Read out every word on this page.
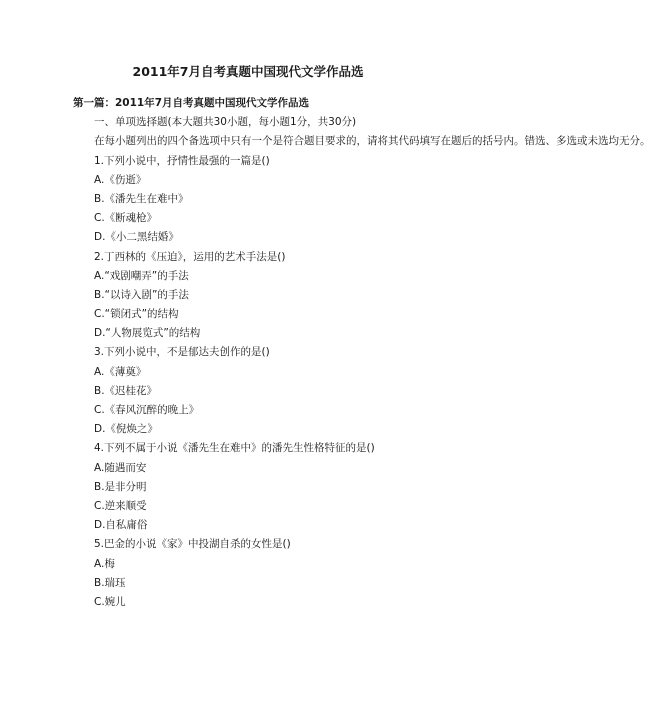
2011年7月自考真题中国现代文学作品选
第一篇：2011年7月自考真题中国现代文学作品选
一、单项选择题(本大题共30小题，每小题1分，共30分)
在每小题列出的四个备选项中只有一个是符合题目要求的，请将其代码填写在题后的括号内。错选、多选或未选均无分。
1.下列小说中，抒情性最强的一篇是()
A.《伤逝》
B.《潘先生在难中》
C.《断魂枪》
D.《小二黑结婚》
2.丁西林的《压迫》，运用的艺术手法是()
A.“戏剧嘲弄”的手法
B.“以诗入剧”的手法
C.“锁闭式”的结构
D.“人物展览式”的结构
3.下列小说中，不是郁达夫创作的是()
A.《薄奠》
B.《迟桂花》
C.《春风沉醉的晚上》
D.《倪焕之》
4.下列不属于小说《潘先生在难中》的潘先生性格特征的是()
A.随遇而安
B.是非分明
C.逆来顺受
D.自私庸俗
5.巴金的小说《家》中投湖自杀的女性是()
A.梅
B.瑞珏
C.婉儿
